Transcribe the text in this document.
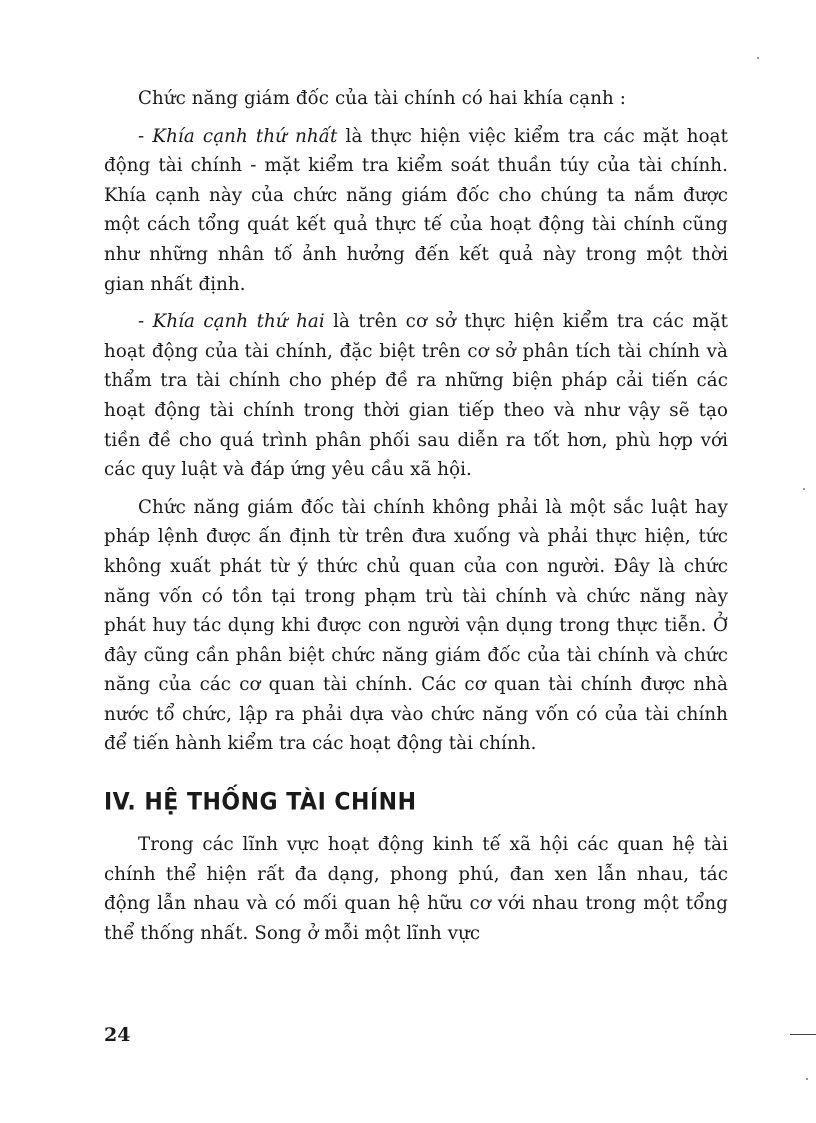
Chức năng giám đốc của tài chính có hai khía cạnh :

- Khía cạnh thứ nhất là thực hiện việc kiểm tra các mặt hoạt động tài chính - mặt kiểm tra kiểm soát thuần túy của tài chính. Khía cạnh này của chức năng giám đốc cho chúng ta nắm được một cách tổng quát kết quả thực tế của hoạt động tài chính cũng như những nhân tố ảnh hưởng đến kết quả này trong một thời gian nhất định.

- Khía cạnh thứ hai là trên cơ sở thực hiện kiểm tra các mặt hoạt động của tài chính, đặc biệt trên cơ sở phân tích tài chính và thẩm tra tài chính cho phép đề ra những biện pháp cải tiến các hoạt động tài chính trong thời gian tiếp theo và như vậy sẽ tạo tiền đề cho quá trình phân phối sau diễn ra tốt hơn, phù hợp với các quy luật và đáp ứng yêu cầu xã hội.

Chức năng giám đốc tài chính không phải là một sắc luật hay pháp lệnh được ấn định từ trên đưa xuống và phải thực hiện, tức không xuất phát từ ý thức chủ quan của con người. Đây là chức năng vốn có tồn tại trong phạm trù tài chính và chức năng này phát huy tác dụng khi được con người vận dụng trong thực tiễn. Ở đây cũng cần phân biệt chức năng giám đốc của tài chính và chức năng của các cơ quan tài chính. Các cơ quan tài chính được nhà nước tổ chức, lập ra phải dựa vào chức năng vốn có của tài chính để tiến hành kiểm tra các hoạt động tài chính.

IV. HỆ THỐNG TÀI CHÍNH

Trong các lĩnh vực hoạt động kinh tế xã hội các quan hệ tài chính thể hiện rất đa dạng, phong phú, đan xen lẫn nhau, tác động lẫn nhau và có mối quan hệ hữu cơ với nhau trong một tổng thể thống nhất. Song ở mỗi một lĩnh vực

24
